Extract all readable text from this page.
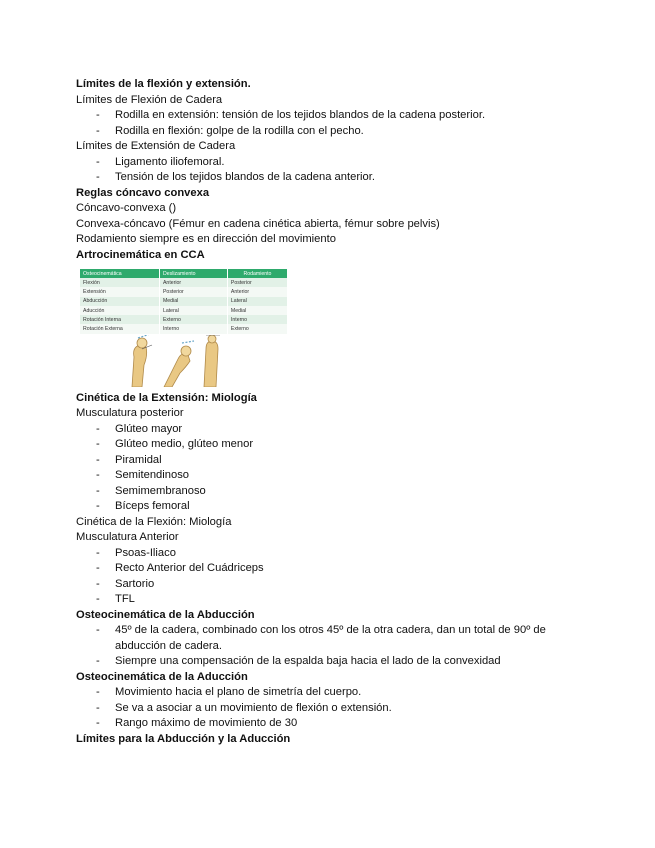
Límites de la flexión y extensión.
Límites de Flexión de Cadera
- Rodilla en extensión: tensión de los tejidos blandos de la cadena posterior.
- Rodilla en flexión: golpe de la rodilla con el pecho.
Límites de Extensión de Cadera
- Ligamento iliofemoral.
- Tensión de los tejidos blandos de la cadena anterior.
Reglas cóncavo convexa
Cóncavo-convexa ()
Convexa-cóncavo (Fémur en cadena cinética abierta, fémur sobre pelvis)
Rodamiento siempre es en dirección del movimiento
Artrocinemática en CCA
Osteocinemática	Deslizamiento	Rodamiento
Flexión	Anterior	Posterior
Extensión	Posterior	Anterior
Abducción	Medial	Lateral
Aducción	Lateral	Medial
Rotación Interna	Externo	Interno
Rotación Externa	Interno	Externo
Cinética de la Extensión: Miología
Musculatura posterior
- Glúteo mayor
- Glúteo medio, glúteo menor
- Piramidal
- Semitendinoso
- Semimembranoso
- Bíceps femoral
Cinética de la Flexión: Miología
Musculatura Anterior
- Psoas-Iliaco
- Recto Anterior del Cuádriceps
- Sartorio
- TFL
Osteocinemática de la Abducción
- 45º de la cadera, combinado con los otros 45º de la otra cadera, dan un total de 90º de abducción de cadera.
- Siempre una compensación de la espalda baja hacia el lado de la convexidad
Osteocinemática de la Aducción
- Movimiento hacia el plano de simetría del cuerpo.
- Se va a asociar a un movimiento de flexión o extensión.
- Rango máximo de movimiento de 30
Límites para la Abducción y la Aducción
